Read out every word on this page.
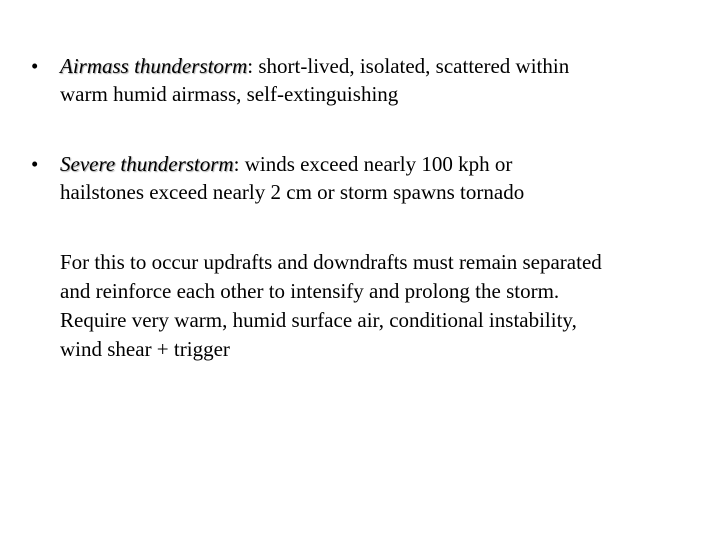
•	Airmass thunderstorm: short-lived, isolated, scattered within
warm humid airmass, self-extinguishing
•	Severe thunderstorm: winds exceed nearly 100 kph or
hailstones exceed nearly 2 cm or storm spawns tornado
For this to occur updrafts and downdrafts must remain separated
and reinforce each other to intensify and prolong the storm.
Require very warm, humid surface air, conditional instability,
wind shear + trigger
